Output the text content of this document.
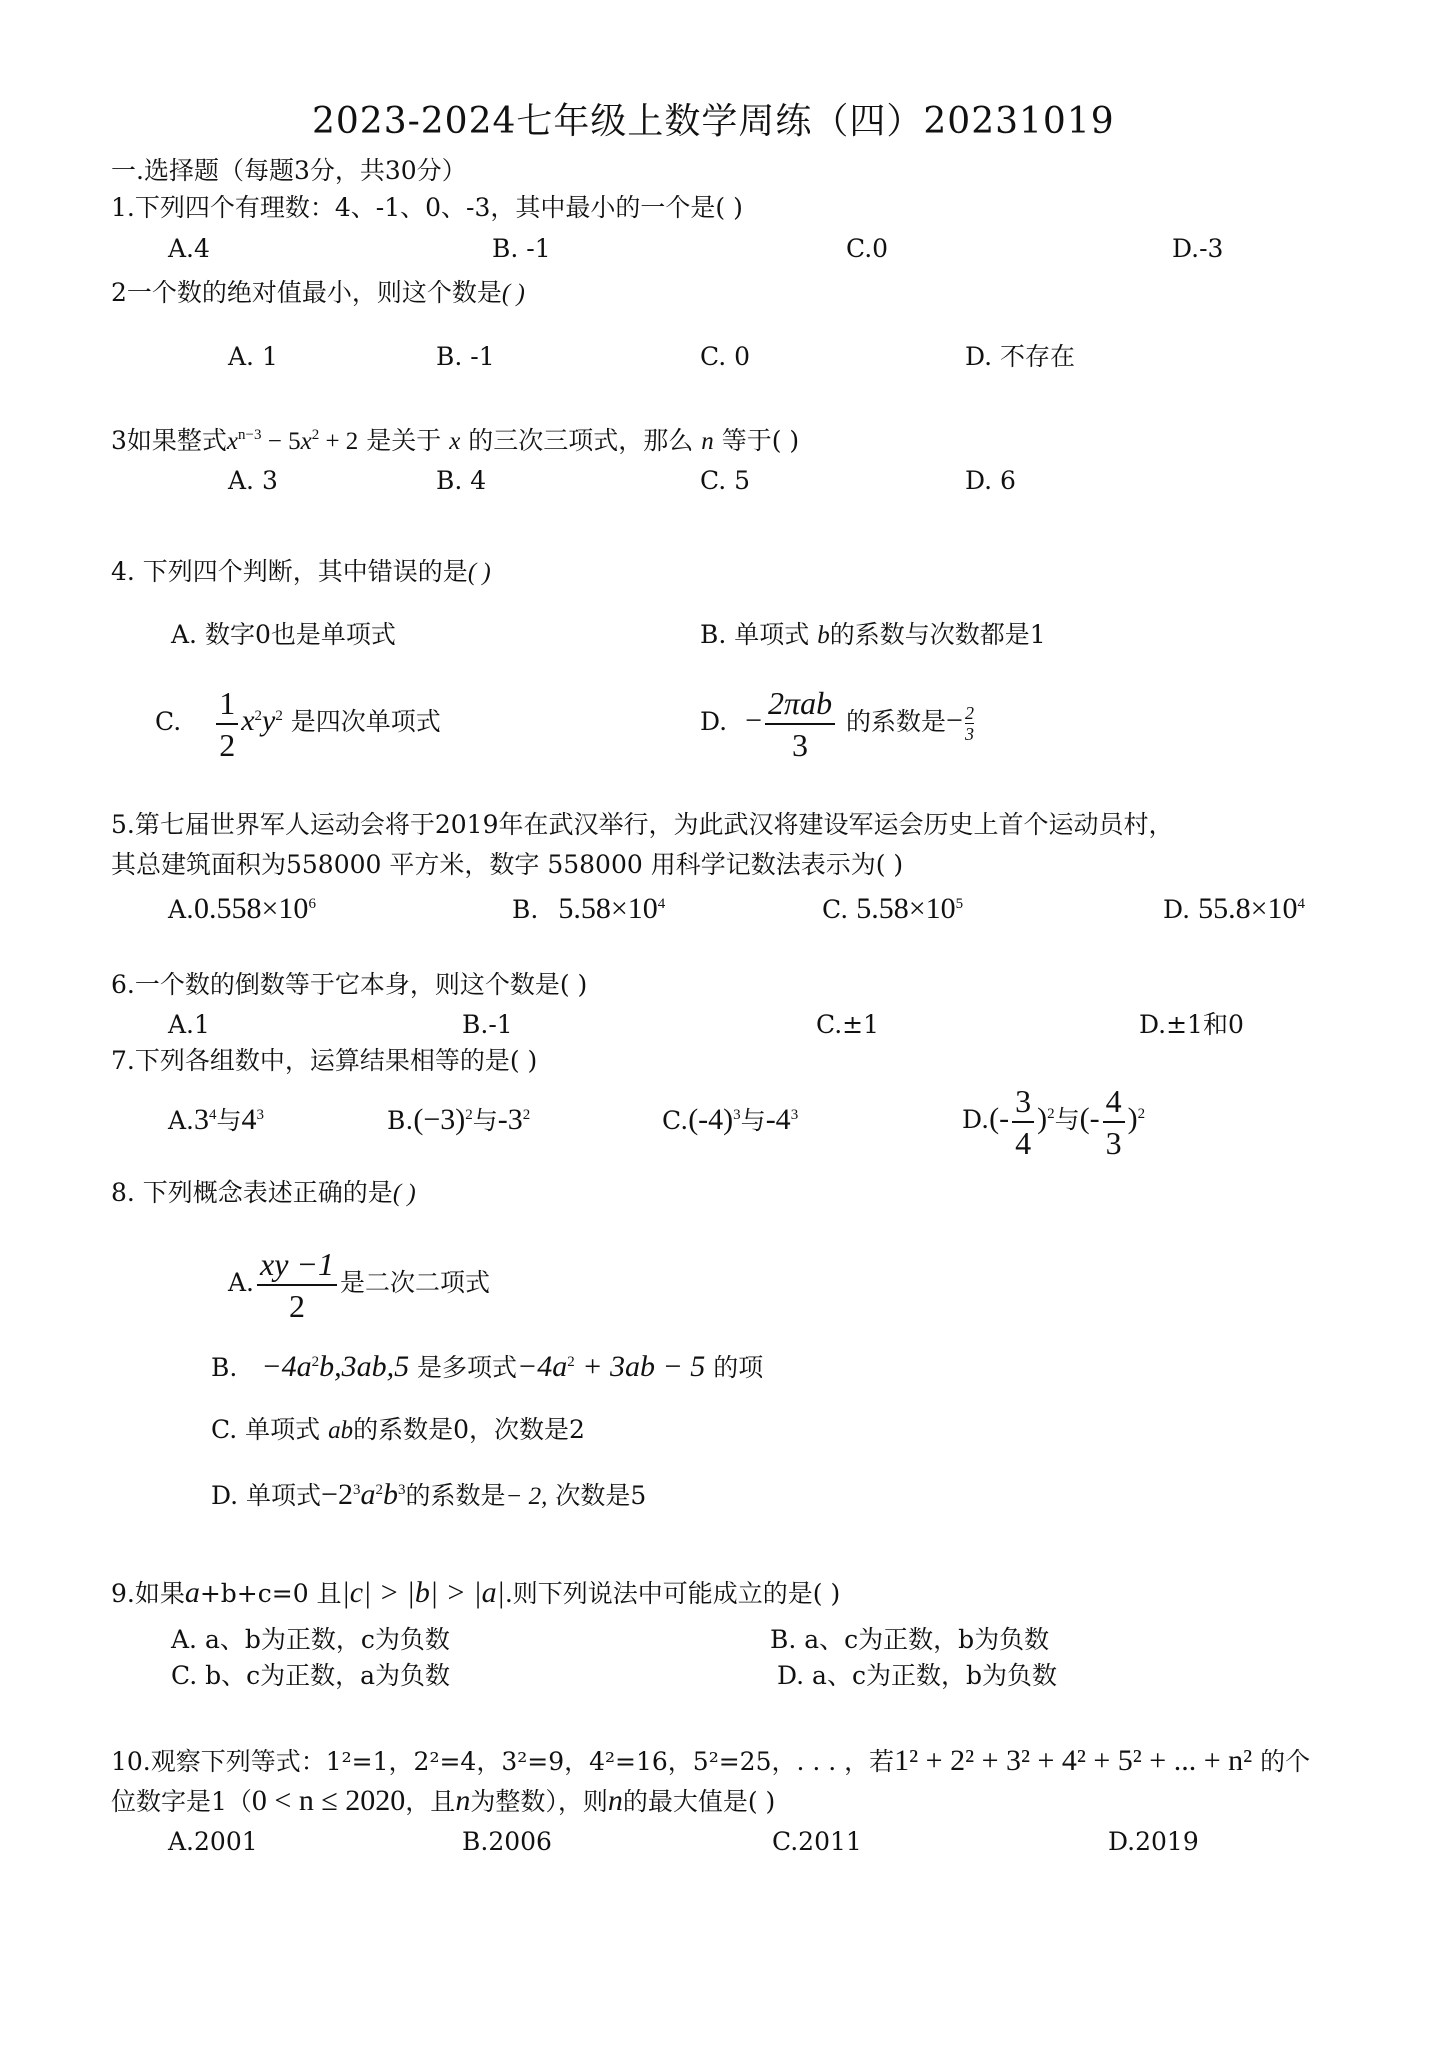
2023-2024七年级上数学周练（四）20231019
一.选择题（每题3分，共30分）
1.下列四个有理数：4、-1、0、-3，其中最小的一个是( )
A.4	B. -1	C.0	D.-3
2一个数的绝对值最小，则这个数是( )
A. 1	B. -1	C. 0	D. 不存在
3如果整式$x^{n-3} - 5x^2 + 2$ 是关于 x 的三次三项式，那么 n 等于( )
A. 3	B. 4	C. 5	D. 6
4. 下列四个判断，其中错误的是( )
A. 数字0也是单项式	B. 单项式 b的系数与次数都是1
C. $\frac{1}{2} x^2y^2$ 是四次单项式	D. − $\frac{\text{2πab}}{3}$ 的系数是− $\frac{2}{3}$
5.第七届世界军人运动会将于2019年在武汉举行，为此武汉将建设军运会历史上首个运动员村，
其总建筑面积为558000 平方米，数字 558000 用科学记数法表示为( )
$A.0.558\times 10^6$	B. $5.58\times 10^4$	C. $5.58\times 10^5$	D. $55.8\times 10^4$
6.一个数的倒数等于它本身，则这个数是( )
A.1	B.-1	C.±1	D.±1和0
7.下列各组数中，运算结果相等的是( )
$A.3^4$与$4^3$	$B.(-3)^2$与$-3^2$	$C.(-4)^3$与$-4^3$	$D.(- \frac{3}{4} )^2$与(- $\frac{4}{3} )^2$
8. 下列概念表述正确的是( )
A. $\frac{xy -1}{2}$ 是二次二项式
B. $-4a^2b,3ab,5$ 是多项式$-4a^2 + 3ab - 5$ 的项
C. 单项式 ab的系数是0，次数是2
D. 单项式$-2^3a^2b^3$的系数是− 2, 次数是5
9.如果a+b+c=0 且|c| > |b| > |a|.则下列说法中可能成立的是( )
A. a、b为正数，c为负数	B. a、c为正数，b为负数
C. b、c为正数，a为负数	D. a、c为正数，b为负数
10.观察下列等式：1²=1，2²=4，3²=9，4²=16，5²=25，. . . ，若1² + 2² + 3² + 4² + 5² + ... + n² 的个
位数字是1（0 < n ≤ 2020，且n为整数），则n的最大值是( )
A.2001	B.2006	C.2011	D.2019
